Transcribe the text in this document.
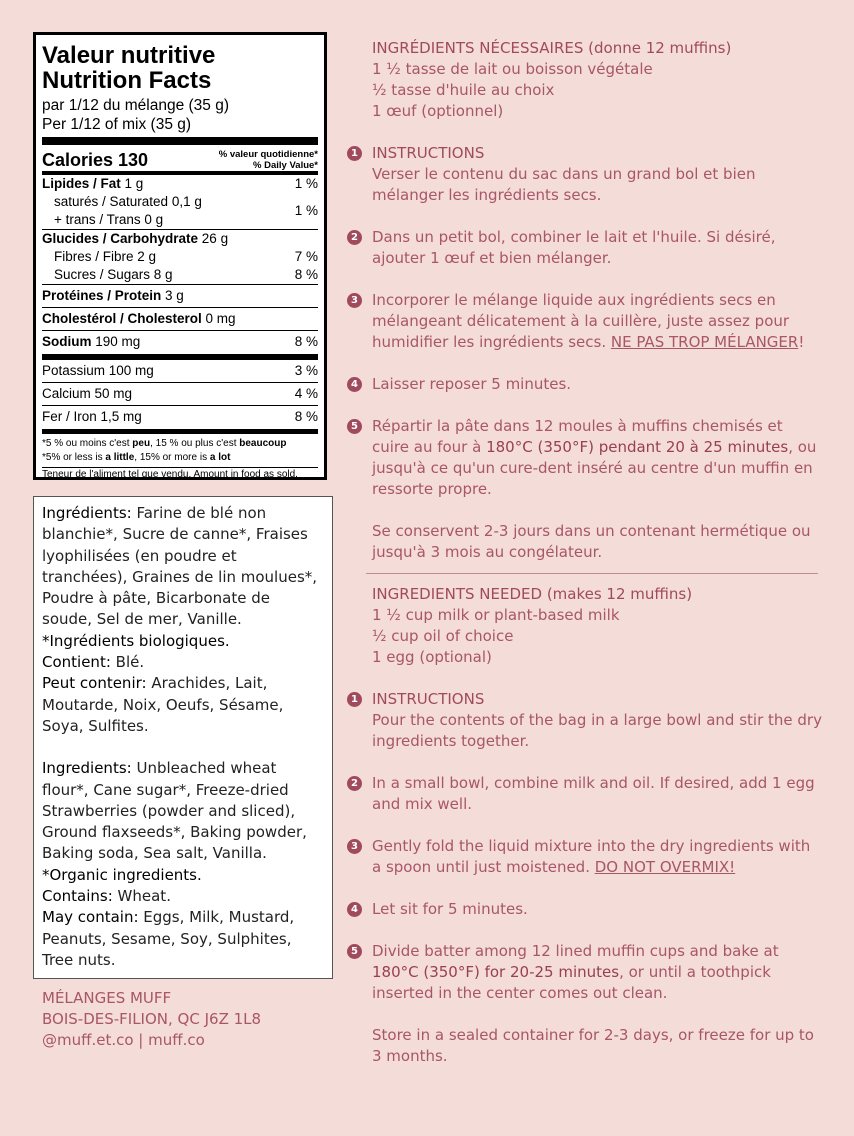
Valeur nutritive
Nutrition Facts
par 1/12 du mélange (35 g)
Per 1/12 of mix (35 g)
Calories 130	% valeur quotidienne*
% Daily Value*
Lipides / Fat 1 g	1 %
saturés / Saturated 0,1 g
+ trans / Trans 0 g
1 %
Glucides / Carbohydrate 26 g
Fibres / Fibre 2 g	7 %
Sucres / Sugars 8 g	8 %
Protéines / Protein 3 g
Cholestérol / Cholesterol 0 mg
Sodium 190 mg	8 %
Potassium 100 mg	3 %
Calcium 50 mg	4 %
Fer / Iron 1,5 mg	8 %
*5 % ou moins c'est peu, 15 % ou plus c'est beaucoup
*5% or less is a little, 15% or more is a lot
Teneur de l'aliment tel que vendu. Amount in food as sold.

Ingrédients: Farine de blé non blanchie*, Sucre de canne*, Fraises lyophilisées (en poudre et tranchées), Graines de lin moulues*, Poudre à pâte, Bicarbonate de soude, Sel de mer, Vanille.

*Ingrédients biologiques.

Contient: Blé.

Peut contenir: Arachides, Lait, Moutarde, Noix, Oeufs, Sésame, Soya, Sulfites.

Ingredients: Unbleached wheat flour*, Cane sugar*, Freeze-dried Strawberries (powder and sliced), Ground flaxseeds*, Baking powder, Baking soda, Sea salt, Vanilla.

*Organic ingredients.

Contains: Wheat.

May contain: Eggs, Milk, Mustard, Peanuts, Sesame, Soy, Sulphites, Tree nuts.

MÉLANGES MUFF
BOIS-DES-FILION, QC J6Z 1L8
@muff.et.co | muff.co

INGRÉDIENTS NÉCESSAIRES (donne 12 muffins)

1 ½ tasse de lait ou boisson végétale

½ tasse d'huile au choix

1 œuf (optionnel)

1 INSTRUCTIONS

Verser le contenu du sac dans un grand bol et bien mélanger les ingrédients secs.

2 Dans un petit bol, combiner le lait et l'huile. Si désiré, ajouter 1 œuf et bien mélanger.

3 Incorporer le mélange liquide aux ingrédients secs en mélangeant délicatement à la cuillère, juste assez pour humidifier les ingrédients secs. NE PAS TROP MÉLANGER!

4 Laisser reposer 5 minutes.

5 Répartir la pâte dans 12 moules à muffins chemisés et cuire au four à 180°C (350°F) pendant 20 à 25 minutes, ou jusqu'à ce qu'un cure-dent inséré au centre d'un muffin en ressorte propre.

Se conservent 2-3 jours dans un contenant hermétique ou jusqu'à 3 mois au congélateur.

INGREDIENTS NEEDED (makes 12 muffins)

1 ½ cup milk or plant-based milk

½ cup oil of choice

1 egg (optional)

1 INSTRUCTIONS

Pour the contents of the bag in a large bowl and stir the dry ingredients together.

2 In a small bowl, combine milk and oil. If desired, add 1 egg and mix well.

3 Gently fold the liquid mixture into the dry ingredients with a spoon until just moistened. DO NOT OVERMIX!

4 Let sit for 5 minutes.

5 Divide batter among 12 lined muffin cups and bake at 180°C (350°F) for 20-25 minutes, or until a toothpick inserted in the center comes out clean.

Store in a sealed container for 2-3 days, or freeze for up to 3 months.
